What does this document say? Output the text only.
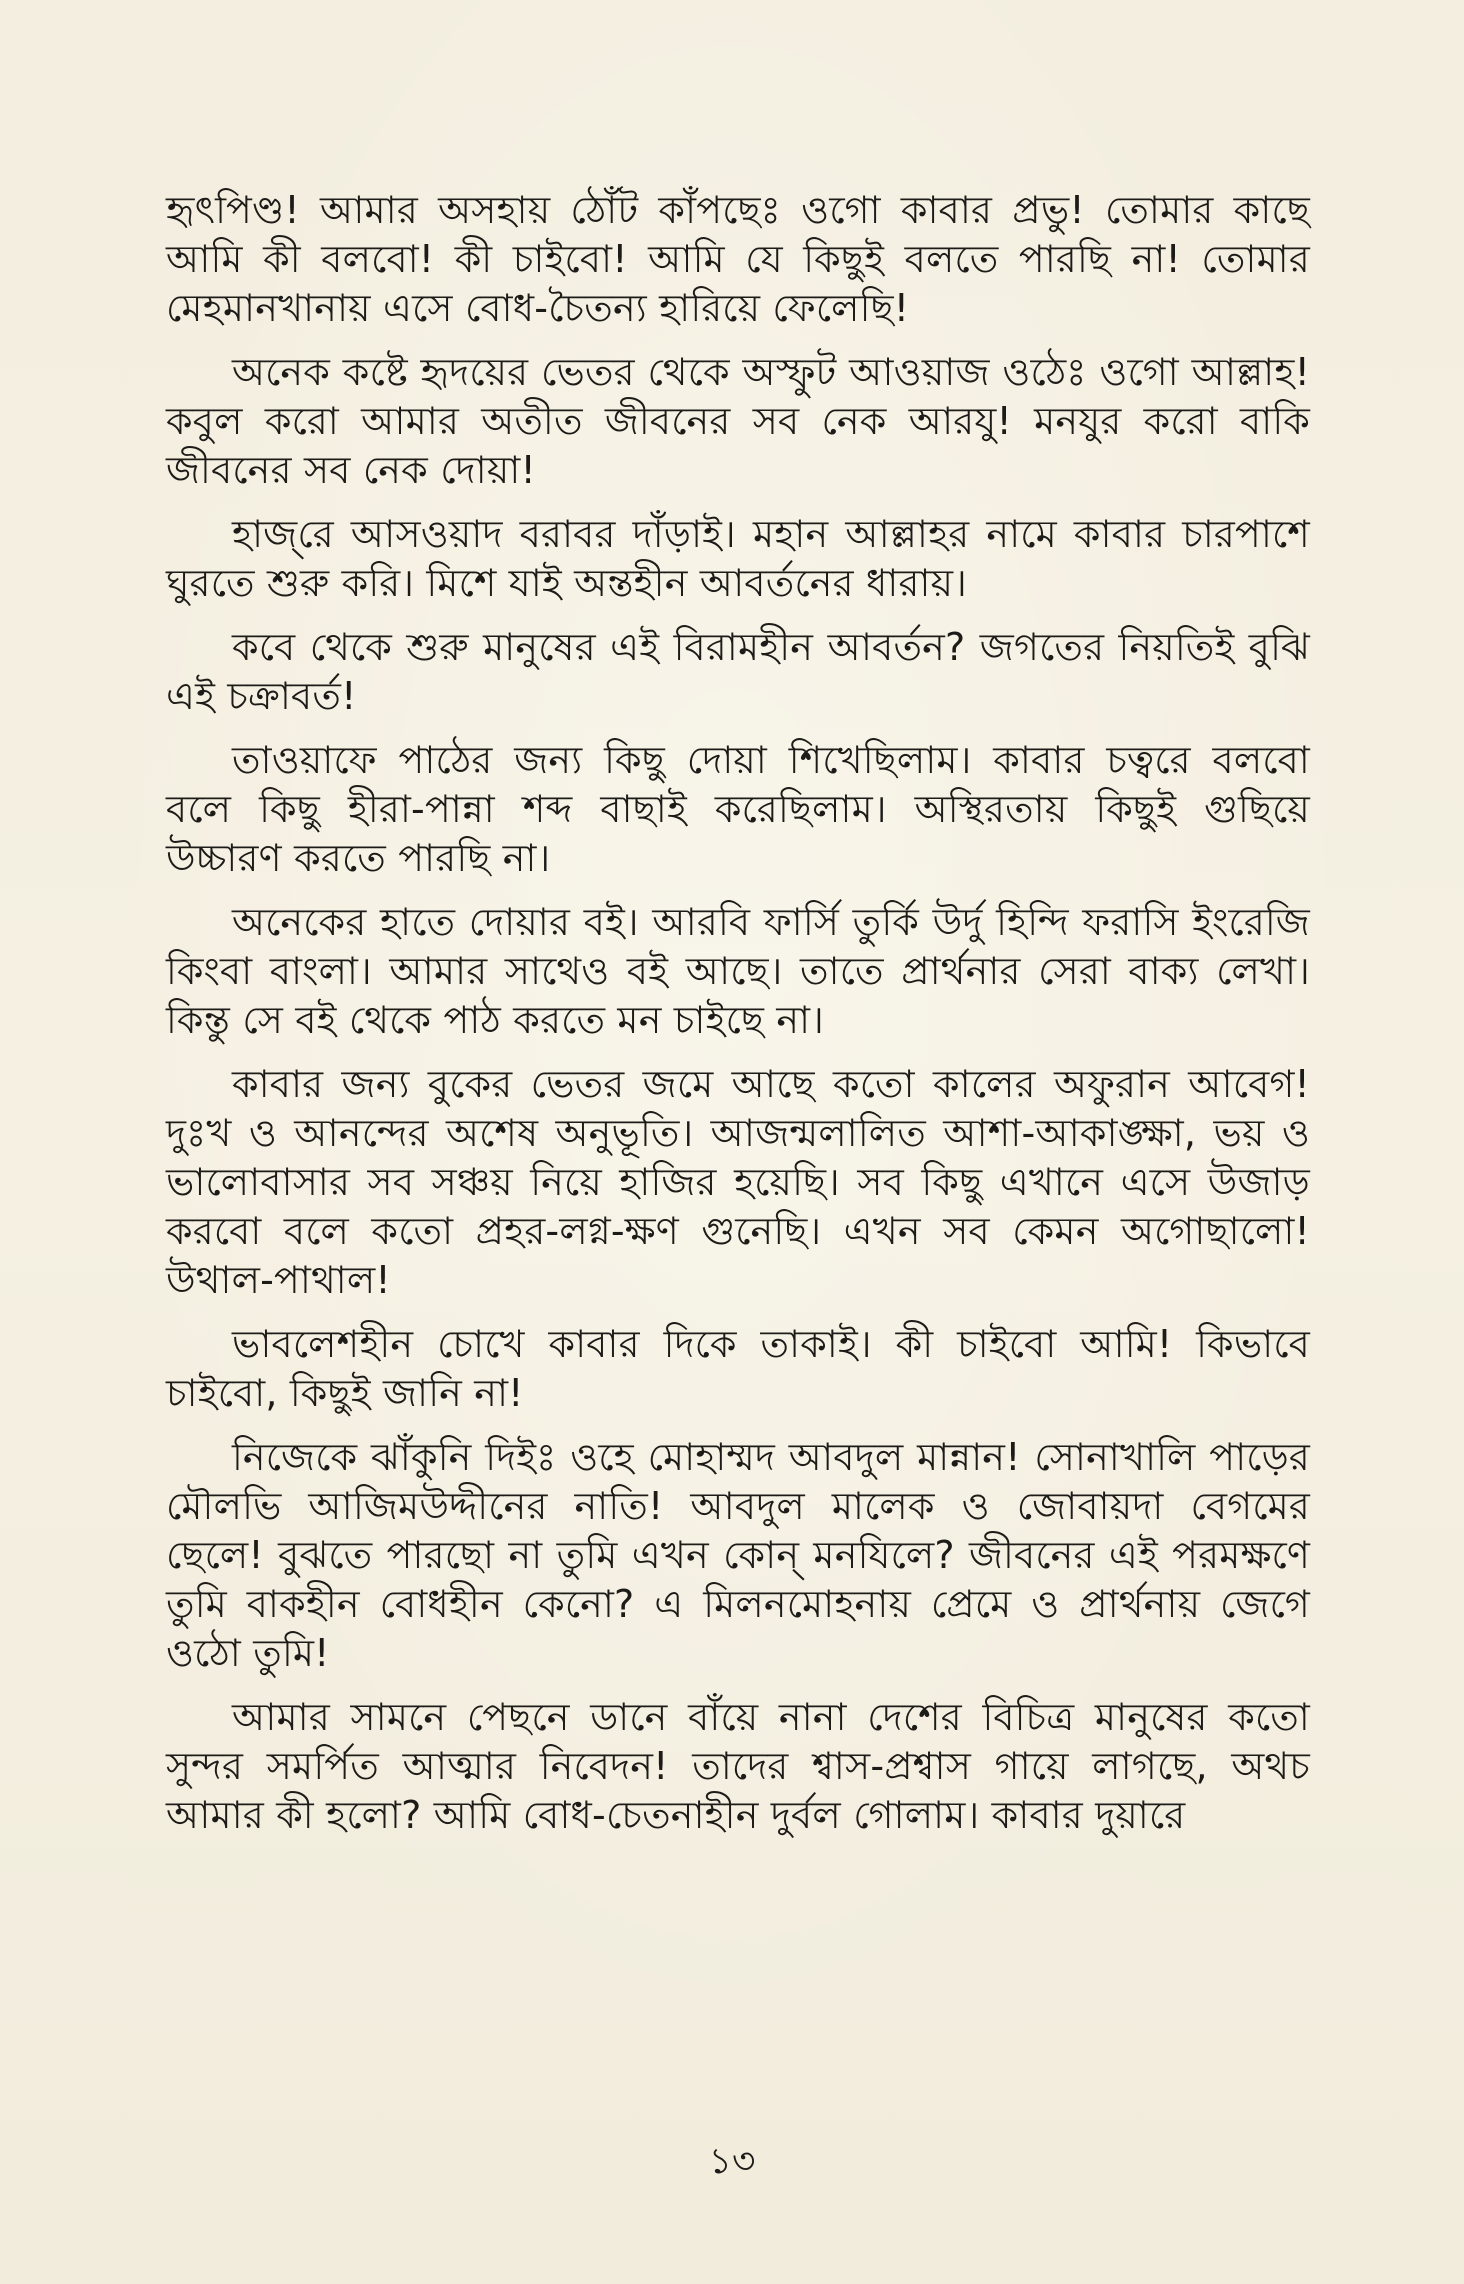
হৃৎপিণ্ড! আমার অসহায় ঠোঁট কাঁপছেঃ ওগো কাবার প্রভু! তোমার কাছে আমি কী বলবো! কী চাইবো! আমি যে কিছুই বলতে পারছি না! তোমার মেহমানখানায় এসে বোধ-চৈতন্য হারিয়ে ফেলেছি!

অনেক কষ্টে হৃদয়ের ভেতর থেকে অস্ফুট আওয়াজ ওঠেঃ ওগো আল্লাহ! কবুল করো আমার অতীত জীবনের সব নেক আরযু! মনযুর করো বাকি জীবনের সব নেক দোয়া!

হাজ্‌রে আসওয়াদ বরাবর দাঁড়াই। মহান আল্লাহর নামে কাবার চারপাশে ঘুরতে শুরু করি। মিশে যাই অন্তহীন আবর্তনের ধারায়।

কবে থেকে শুরু মানুষের এই বিরামহীন আবর্তন? জগতের নিয়তিই বুঝি এই চক্রাবর্ত!

তাওয়াফে পাঠের জন্য কিছু দোয়া শিখেছিলাম। কাবার চত্বরে বলবো বলে কিছু হীরা-পান্না শব্দ বাছাই করেছিলাম। অস্থিরতায় কিছুই গুছিয়ে উচ্চারণ করতে পারছি না।

অনেকের হাতে দোয়ার বই। আরবি ফার্সি তুর্কি উর্দু হিন্দি ফরাসি ইংরেজি কিংবা বাংলা। আমার সাথেও বই আছে। তাতে প্রার্থনার সেরা বাক্য লেখা। কিন্তু সে বই থেকে পাঠ করতে মন চাইছে না।

কাবার জন্য বুকের ভেতর জমে আছে কতো কালের অফুরান আবেগ! দুঃখ ও আনন্দের অশেষ অনুভূতি। আজন্মলালিত আশা-আকাঙ্ক্ষা, ভয় ও ভালোবাসার সব সঞ্চয় নিয়ে হাজির হয়েছি। সব কিছু এখানে এসে উজাড় করবো বলে কতো প্রহর-লগ্ন-ক্ষণ গুনেছি। এখন সব কেমন অগোছালো! উথাল-পাথাল!

ভাবলেশহীন চোখে কাবার দিকে তাকাই। কী চাইবো আমি! কিভাবে চাইবো, কিছুই জানি না!

নিজেকে ঝাঁকুনি দিইঃ ওহে মোহাম্মদ আবদুল মান্নান! সোনাখালি পাড়ের মৌলভি আজিমউদ্দীনের নাতি! আবদুল মালেক ও জোবায়দা বেগমের ছেলে! বুঝতে পারছো না তুমি এখন কোন্ মনযিলে? জীবনের এই পরমক্ষণে তুমি বাকহীন বোধহীন কেনো? এ মিলনমোহনায় প্রেমে ও প্রার্থনায় জেগে ওঠো তুমি!

আমার সামনে পেছনে ডানে বাঁয়ে নানা দেশের বিচিত্র মানুষের কতো সুন্দর সমর্পিত আত্মার নিবেদন! তাদের শ্বাস-প্রশ্বাস গায়ে লাগছে, অথচ আমার কী হলো? আমি বোধ-চেতনাহীন দুর্বল গোলাম। কাবার দুয়ারে

১৩
